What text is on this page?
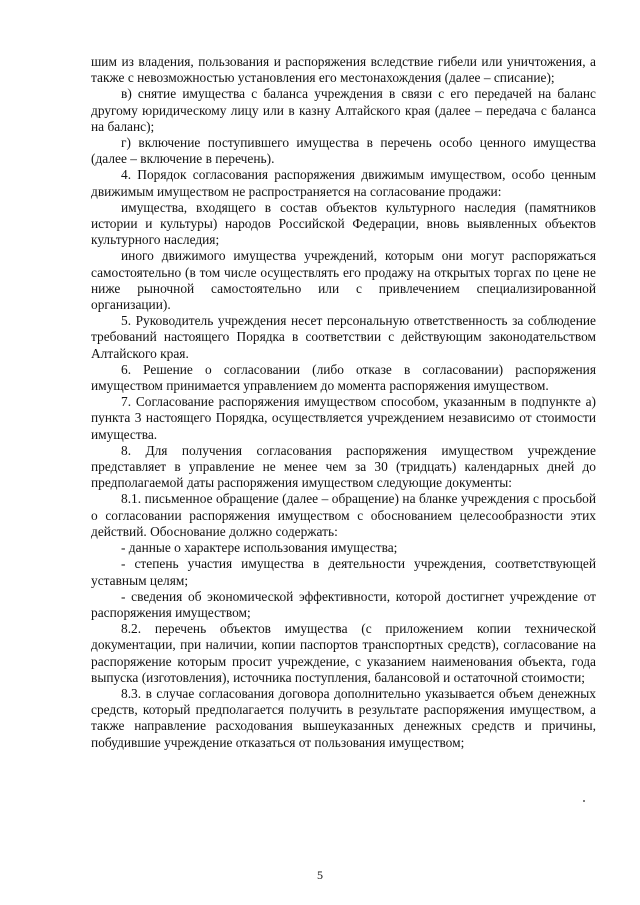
шим из владения, пользования и распоряжения вследствие гибели или уничтожения, а также с невозможностью установления его местонахождения (далее – списание);

в) снятие имущества с баланса учреждения в связи с его передачей на баланс другому юридическому лицу или в казну Алтайского края (далее – передача с баланса на баланс);

г) включение поступившего имущества в перечень особо ценного имущества (далее – включение в перечень).

4. Порядок согласования распоряжения движимым имуществом, особо ценным движимым имуществом не распространяется на согласование продажи:

имущества, входящего в состав объектов культурного наследия (памятников истории и культуры) народов Российской Федерации, вновь выявленных объектов культурного наследия;

иного движимого имущества учреждений, которым они могут распоряжаться самостоятельно (в том числе осуществлять его продажу на открытых торгах по цене не ниже рыночной самостоятельно или с привлечением специализированной организации).

5. Руководитель учреждения несет персональную ответственность за соблюдение требований настоящего Порядка в соответствии с действующим законодательством Алтайского края.

6. Решение о согласовании (либо отказе в согласовании) распоряжения имуществом принимается управлением до момента распоряжения имуществом.

7. Согласование распоряжения имуществом способом, указанным в подпункте а) пункта 3 настоящего Порядка, осуществляется учреждением независимо от стоимости имущества.

8. Для получения согласования распоряжения имуществом учреждение представляет в управление не менее чем за 30 (тридцать) календарных дней до предполагаемой даты распоряжения имуществом следующие документы:

8.1. письменное обращение (далее – обращение) на бланке учреждения с просьбой о согласовании распоряжения имуществом с обоснованием целесообразности этих действий. Обоснование должно содержать:

- данные о характере использования имущества;

- степень участия имущества в деятельности учреждения, соответствующей уставным целям;

- сведения об экономической эффективности, которой достигнет учреждение от распоряжения имуществом;

8.2. перечень объектов имущества (с приложением копии технической документации, при наличии, копии паспортов транспортных средств), согласование на распоряжение которым просит учреждение, с указанием наименования объекта, года выпуска (изготовления), источника поступления, балансовой и остаточной стоимости;

8.3. в случае согласования договора дополнительно указывается объем денежных средств, который предполагается получить в результате распоряжения имуществом, а также направление расходования вышеуказанных денежных средств и причины, побудившие учреждение отказаться от пользования имуществом;

5
